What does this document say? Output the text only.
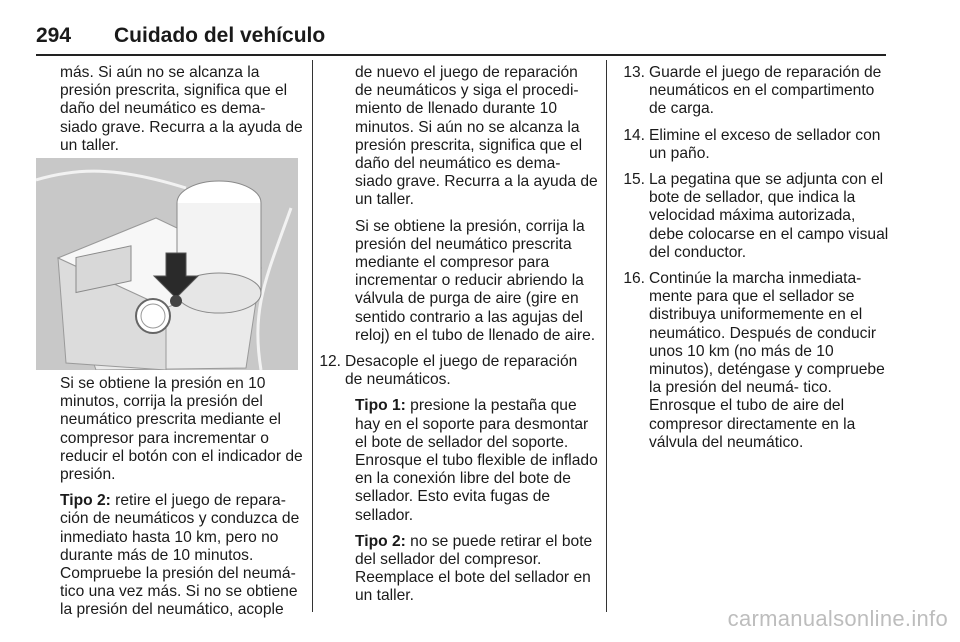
294 Cuidado del vehículo

más. Si aún no se alcanza la presión prescrita, significa que el daño del neumático es dema- siado grave. Recurra a la ayuda de un taller.

Si se obtiene la presión en 10 minutos, corrija la presión del neumático prescrita mediante el compresor para incrementar o reducir el botón con el indicador de presión.

Tipo 2: retire el juego de repara- ción de neumáticos y conduzca de inmediato hasta 10 km, pero no durante más de 10 minutos. Compruebe la presión del neumá- tico una vez más. Si no se obtiene la presión del neumático, acople

de nuevo el juego de reparación de neumáticos y siga el procedi- miento de llenado durante 10 minutos. Si aún no se alcanza la presión prescrita, significa que el daño del neumático es dema- siado grave. Recurra a la ayuda de un taller.

Si se obtiene la presión, corrija la presión del neumático prescrita mediante el compresor para incrementar o reducir abriendo la válvula de purga de aire (gire en sentido contrario a las agujas del reloj) en el tubo de llenado de aire.

12. Desacople el juego de reparación de neumáticos.

Tipo 1: presione la pestaña que hay en el soporte para desmontar el bote de sellador del soporte. Enrosque el tubo flexible de inflado en la conexión libre del bote de sellador. Esto evita fugas de sellador.

Tipo 2: no se puede retirar el bote del sellador del compresor. Reemplace el bote del sellador en un taller.

13. Guarde el juego de reparación de neumáticos en el compartimento de carga.
14. Elimine el exceso de sellador con un paño.
15. La pegatina que se adjunta con el bote de sellador, que indica la velocidad máxima autorizada, debe colocarse en el campo visual del conductor.
16. Continúe la marcha inmediata- mente para que el sellador se distribuya uniformemente en el neumático. Después de conducir unos 10 km (no más de 10 minutos), deténgase y compruebe la presión del neumá- tico. Enrosque el tubo de aire del compresor directamente en la válvula del neumático.
carmanualsonline.info
